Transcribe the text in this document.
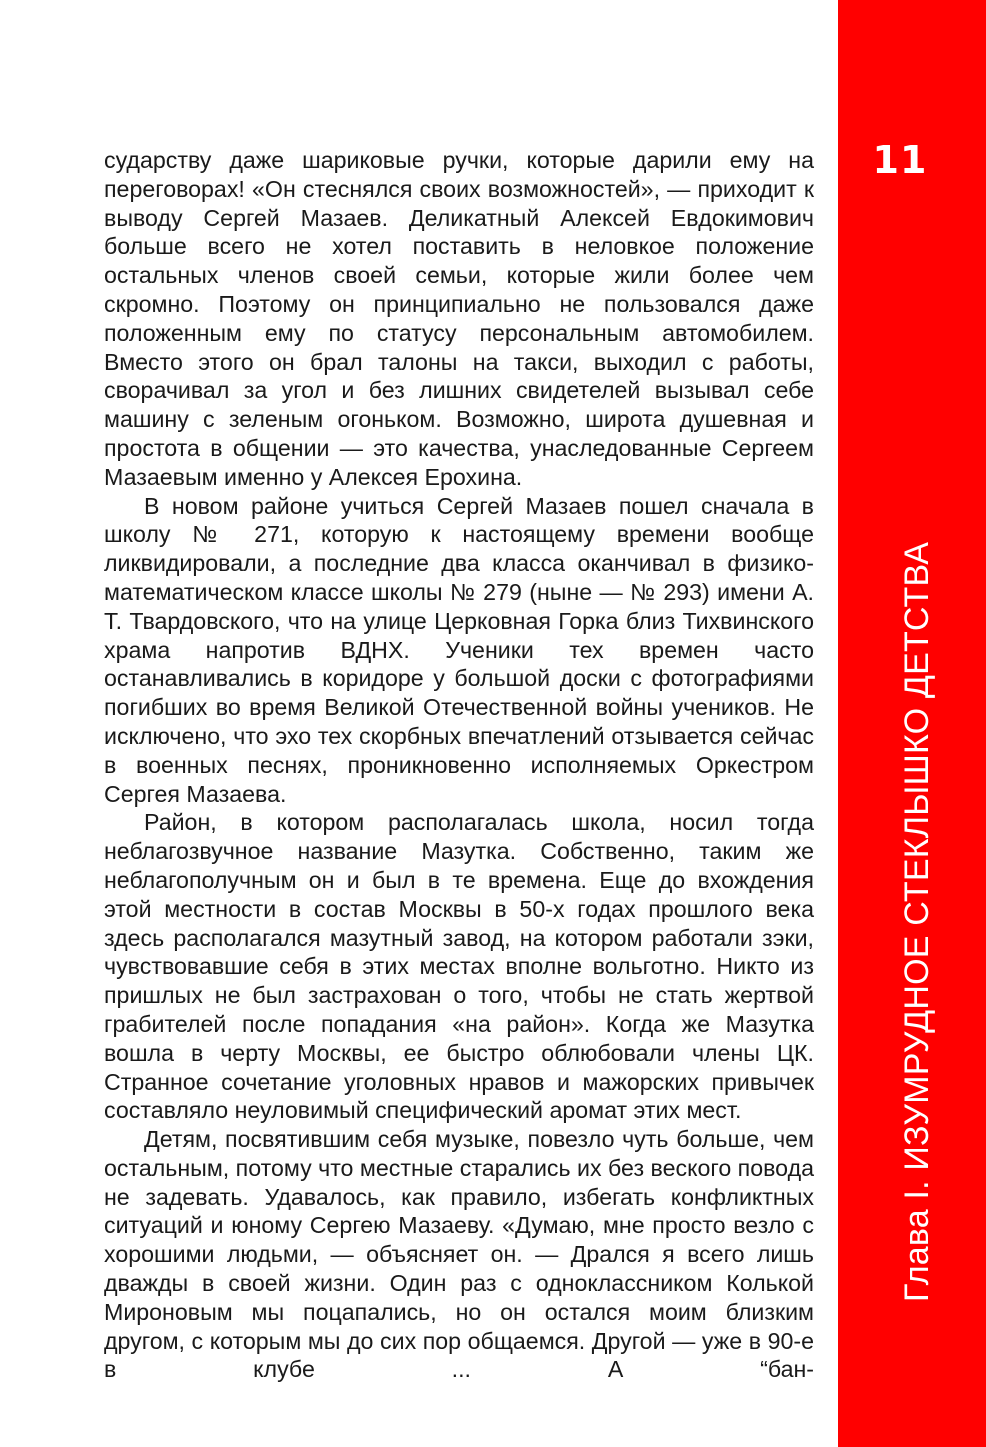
11
Глава I. ИЗУМРУДНОЕ СТЕКЛЫШКО ДЕТСТВА

сударству даже шариковые ручки, которые дарили ему на переговорах! «Он стеснялся своих возможностей», — приходит к выводу Сергей Мазаев. Деликатный Алексей Евдокимович больше всего не хотел поставить в неловкое положение остальных членов своей семьи, которые жили более чем скромно. Поэтому он принципиально не пользовался даже положенным ему по статусу персональным автомобилем. Вместо этого он брал талоны на такси, выходил с работы, сворачивал за угол и без лишних свидетелей вызывал себе машину с зеленым огоньком. Возможно, широта душевная и простота в общении — это качества, унаследованные Сергеем Мазаевым именно у Алексея Ерохина.

В новом районе учиться Сергей Мазаев пошел сначала в школу № 271, которую к настоящему времени вообще ликвидировали, а последние два класса оканчивал в физико-математическом классе школы № 279 (ныне — № 293) имени А. Т. Твардовского, что на улице Церковная Горка близ Тихвинского храма напротив ВДНХ. Ученики тех времен часто останавливались в коридоре у большой доски с фотографиями погибших во время Великой Отечественной войны учеников. Не исключено, что эхо тех скорбных впечатлений отзывается сейчас в военных песнях, проникновенно исполняемых Оркестром Сергея Мазаева.

Район, в котором располагалась школа, носил тогда неблагозвучное название Мазутка. Собственно, таким же неблагополучным он и был в те времена. Еще до вхождения этой местности в состав Москвы в 50-х годах прошлого века здесь располагался мазутный завод, на котором работали зэки, чувствовавшие себя в этих местах вполне вольготно. Никто из пришлых не был застрахован о того, чтобы не стать жертвой грабителей после попадания «на район». Когда же Мазутка вошла в черту Москвы, ее быстро облюбовали члены ЦК. Странное сочетание уголовных нравов и мажорских привычек составляло неуловимый специфический аромат этих мест.

Детям, посвятившим себя музыке, повезло чуть больше, чем остальным, потому что местные старались их без веского повода не задевать. Удавалось, как правило, избегать конфликтных ситуаций и юному Сергею Мазаеву. «Думаю, мне просто везло с хорошими людьми, — объясняет он. — Дрался я всего лишь дважды в своей жизни. Один раз с одноклассником Колькой Мироновым мы поцапались, но он остался моим близким другом, с которым мы до сих пор общаемся. Другой — уже в 90-е в клубе ... А “бан-
